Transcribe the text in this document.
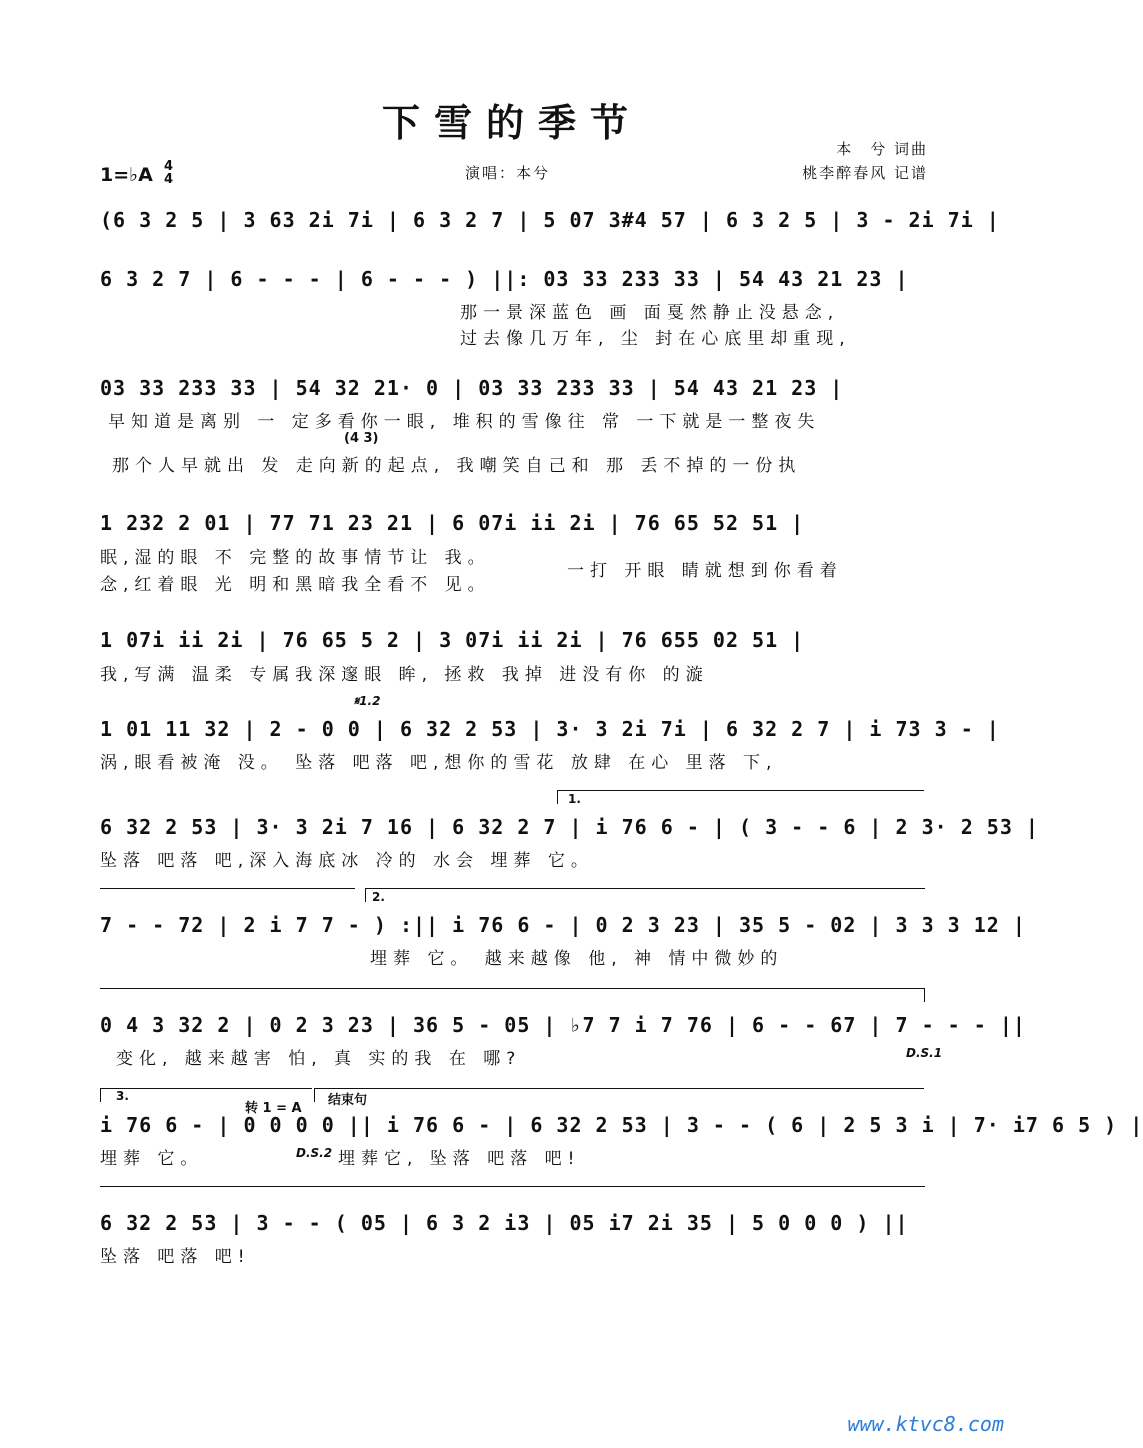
下雪的季节
本　兮 词曲
桃李醉春风 记谱
演唱：本兮
1=♭A 4
4
(6 3 2 5 | 3 63 2i 7i | 6 3 2 7 | 5 07 3#4 57 | 6 3 2 5 | 3 - 2i 7i |
6 3 2 7 | 6 - - - | 6 - - - ) ||: 03 33 233 33 | 54 43 21 23 |
那一景深蓝色 画 面戛然静止没悬念,
过去像几万年, 尘 封在心底里却重现,
03 33 233 33 | 54 32 21· 0 | 03 33 233 33 | 54 43 21 23 |
早知道是离别 一 定多看你一眼, 堆积的雪像往 常 一下就是一整夜失
(4 3)
那个人早就出 发 走向新的起点, 我嘲笑自己和 那 丢不掉的一份执
1 232 2 01 | 77 71 23 21 | 6 07i ii 2i | 76 65 52 51 |
眠,湿的眼 不 完整的故事情节让 我。
念,红着眼 光 明和黑暗我全看不 见。
一打 开眼 睛就想到你看着
1 07i ii 2i | 76 65 5 2 | 3 07i ii 2i | 76 655 02 51 |
我,写满 温柔 专属我深邃眼 眸, 拯救 我掉 进没有你 的漩
𝄋1.2
1 01 11 32 | 2 - 0 0 | 6 32 2 53 | 3· 3 2i 7i | 6 32 2 7 | i 73 3 - |
涡,眼看被淹 没。 坠落 吧落 吧,想你的雪花 放肆 在心 里落 下,
1.
6 32 2 53 | 3· 3 2i 7 16 | 6 32 2 7 | i 76 6 - | ( 3 - - 6 | 2 3· 2 53 |
坠落 吧落 吧,深入海底冰 冷的 水会 埋葬 它。
2.
7 - - 72 | 2 i 7 7 - ) :|| i 76 6 - | 0 2 3 23 | 35 5 - 02 | 3 3 3 12 |
埋葬 它。 越来越像 他, 神 情中微妙的
0 4 3 32 2 | 0 2 3 23 | 36 5 - 05 | ♭7 7 i 7 76 | 6 - - 67 | 7 - - - ||
变化, 越来越害 怕, 真 实的我 在 哪?	D.S.1
3.
转 1 = A
结束句
i 76 6 - | 0 0 0 0 || i 76 6 - | 6 32 2 53 | 3 - - ( 6 | 2 5 3 i | 7· i7 6 5 ) |
埋葬 它。	D.S.2 埋葬它, 坠落 吧落 吧!
6 32 2 53 | 3 - - ( 05 | 6 3 2 i3 | 05 i7 2i 35 | 5 0 0 0 ) ||
坠落 吧落 吧!
www.ktvc8.com
